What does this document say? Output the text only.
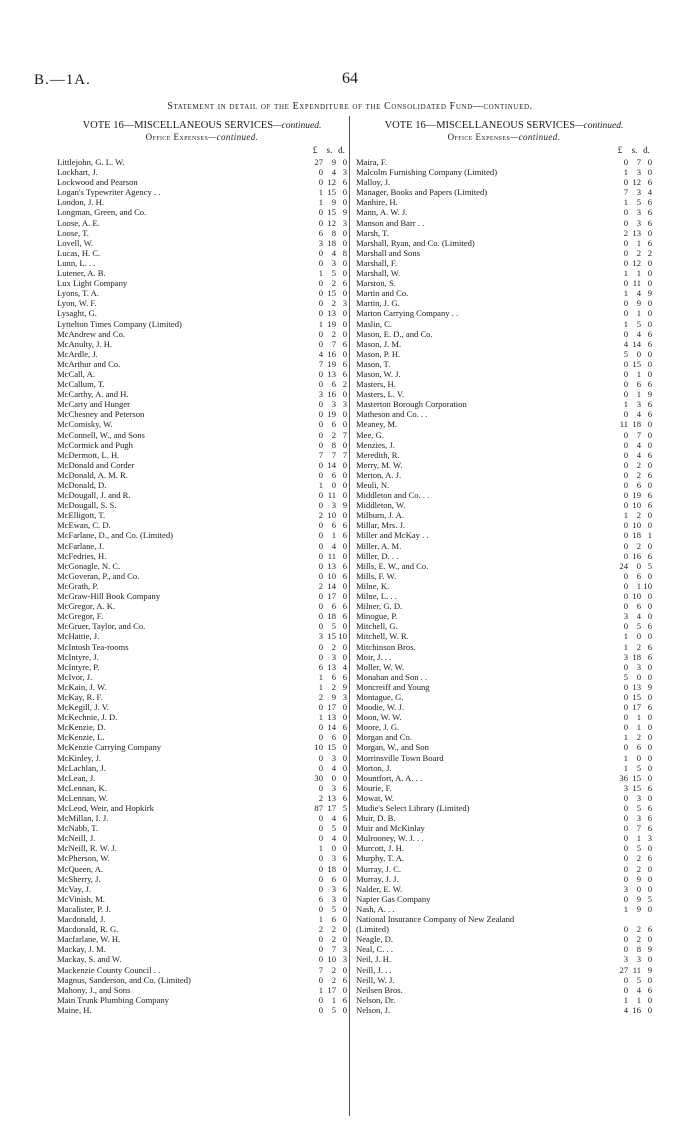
B.—1A.	64
Statement in detail of the Expenditure of the Consolidated Fund—continued.
VOTE 16—MISCELLANEOUS SERVICES—continued.
Office Expenses—continued.
£	s. d.
Littlejohn, G. L. W.	27	9 0
Lockhart, J.	0	4 3
Lockwood and Pearson	0 12 6
Logan's Typewriter Agency . .	1 15 0
London, J. H.	1	9 0
Longman, Green, and Co.	0 15 9
Loose, A. E.	0 12 3
Loose, T.	6	8 0
Lovell, W.	3 18 0
Lucas, H. C.	0	4 8
Lunn, L. . .	0	3 0
Lutener, A. B.	1	5 0
Lux Light Company	0	2 6
Lyons, T. A.	0 15 0
Lyon, W. F.	0	2 3
Lysaght, G.	0 13 0
Lyttelton Times Company (Limited)	1 19 0
McAndrew and Co.	0	2 0
McAnulty, J. H.	0	7 6
McArdle, J.	4 16 0
McArthur and Co.	7 19 6
McCall, A.	0 13 6
McCallum, T.	0	6 2
McCarthy, A. and H.	3 16 0
McCarty and Hunger	0	3 3
McChesney and Peterson	0 19 0
McComisky, W.	0	6 0
McConnell, W., and Sons	0	2 7
McCormick and Pugh	0	8 0
McDermott, L. H.	7	7 7
McDonald and Corder	0 14 0
McDonald, A. M. R.	0	6 0
McDonald, D.	1	0 0
McDougall, J. and R.	0 11 0
McDougall, S. S.	0	3 9
McElligott, T.	2 10 0
McEwan, C. D.	0	6 6
McFarlane, D., and Co. (Limited)	0	1 6
McFarlane, J.	0	4 0
McFedries, H.	0 11 0
McGonagle, N. C.	0 13 6
McGoveran, P., and Co.	0 10 6
McGrath, P.	2 14 0
McGraw-Hill Book Company	0 17 0
McGregor, A. K.	0	6 6
McGregor, F.	0 18 6
McGruer, Taylor, and Co.	0	5 0
McHattie, J.	3 15 10
McIntosh Tea-rooms	0	2 0
McIntyre, J.	0	3 0
McIntyre, P.	6 13 4
McIvor, J.	1	6 6
McKain, J. W.	1	2 9
McKay, R. F.	2	9 3
McKegill, J. V.	0 17 0
McKechnie, J. D.	1 13 0
McKenzie, D.	0 14 6
McKenzie, L.	0	6 0
McKenzie Carrying Company	10 15 0
McKinley, J.	0	3 0
McLachlan, J.	0	4 0
McLean, J.	30	0 0
McLennan, K.	0	3 6
McLennan, W.	2 13 6
McLeod, Weir, and Hopkirk	87 17 5
McMillan, I. J.	0	4 6
McNabb, T.	0	5 0
McNeill, J.	0	4 0
McNeill, R. W. J.	1	0 0
McPherson, W.	0	3 6
McQueen, A.	0 18 0
McSherry, J.	0	6 0
McVay, J.	0	3 6
McVinish, M.	6	3 0
Macalister, P. J.	0	5 0
Macdonald, J.	1	6 0
Macdonald, R. G.	2	2 0
Macfarlane, W. H.	0	2 0
Mackay, J. M.	0	7 3
Mackay, S. and W.	0 10 3
Mackenzie County Council . .	7	2 0
Magnus, Sanderson, and Co. (Limited)	0	2 6
Mahony, J., and Sons	1 17 0
Main Trunk Plumbing Company	0	1 6
Maine, H.	0	5 0
VOTE 16—MISCELLANEOUS SERVICES—continued.
Office Expenses—continued.
£	s. d.
Maira, F.	0	7 0
Malcolm Furnishing Company (Limited)	1	3 0
Malloy, J.	0 12 6
Manager, Books and Papers (Limited)	7	3 4
Manhire, H.	1	5 6
Mann, A. W. J.	0	3 6
Manson and Barr . .	0	3 6
Marsh, T.	2 13 0
Marshall, Ryan, and Co. (Limited)	0	1 6
Marshall and Sons	0	2 2
Marshall, F.	0 12 0
Marshall, W.	1	1 0
Marston, S.	0 11 0
Martin and Co.	1	4 9
Martin, J. G.	0	9 0
Marton Carrying Company . .	0	1 0
Maslin, C.	1	5 0
Mason, E. D., and Co.	0	4 6
Mason, J. M.	4 14 6
Mason, P. H.	5	0 0
Mason, T.	0 15 0
Mason, W. J.	0	1 0
Masters, H.	0	6 6
Masters, L. V.	0	1 9
Masterton Borough Corporation	1	3 6
Matheson and Co. . .	0	4 6
Meaney, M.	11 18 0
Mee, G.	0	7 0
Menzies, J.	0	4 0
Meredith, R.	0	4 6
Merry, M. W.	0	2 0
Merton, A. J.	0	2 6
Meuli, N.	0	6 0
Middleton and Co. . .	0 19 6
Middleton, W.	0 10 6
Milburn, J. A.	1	2 0
Millar, Mrs. J.	0 10 0
Miller and McKay . .	0 18 1
Miller, A. M.	0	2 0
Miller, D. . .	0 16 6
Mills, E. W., and Co.	24	0 5
Mills, F. W.	0	6 0
Milne, K.	0	1 10
Milne, L. . .	0 10 0
Milner, G. D.	0	6 0
Minogue, P.	3	4 0
Mitchell, G.	0	5 6
Mitchell, W. R.	1	0 0
Mitchinson Bros.	1	2 6
Moir, J. . .	3 18 6
Moller, W. W.	0	3 0
Monahan and Son . .	5	0 0
Moncreiff and Young	0 13 9
Montague, G.	0 15 0
Moodie, W. J.	0 17 6
Moon, W. W.	0	1 0
Moore, J. G.	0	1 0
Morgan and Co.	1	2 0
Morgan, W., and Son	0	6 0
Morrinsville Town Board	1	0 0
Morton, J.	1	5 0
Mountfort, A. A. . .	36 15 0
Mourie, F.	3 15 6
Mowat, W.	0	3 0
Mudie's Select Library (Limited)	0	5 6
Muir, D. B.	0	3 6
Muir and McKinlay	0	7 6
Mulrooney, W. J. . .	0	1 3
Murcott, J. H.	0	5 0
Murphy, T. A.	0	2 6
Murray, J. C.	0	2 0
Murray, J. J.	0	9 0
Nalder, E. W.	3	0 0
Napier Gas Company	0	9 5
Nash, A. . .	1	9 0
National Insurance Company of New Zealand
(Limited)	0	2 6
Neagle, D.	0	2 0
Neal, C. . .	0	8 9
Neil, J. H.	3	3 0
Neill, J. . .	27 11 9
Neill, W. J.	0	5 0
Neilsen Bros.	0	4 6
Nelson, Dr.	1	1 0
Nelson, J.	4 16 0
